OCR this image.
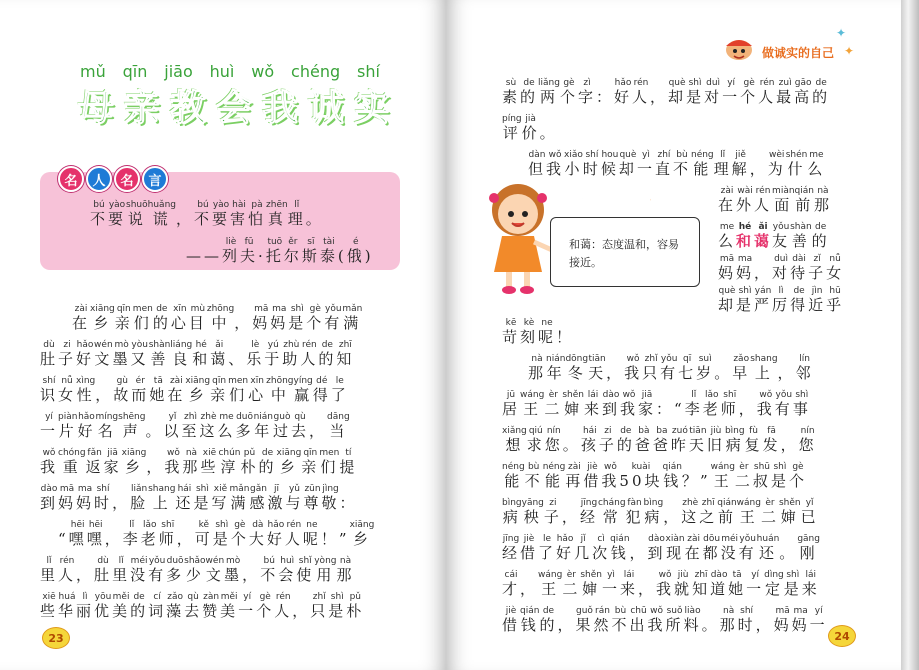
mǔ qīn jiāo huì wǒ chéng shí
母亲教会我诚实
名	人	名	言
不bú要yào说shuō谎huǎng，不bú要yào害hài怕pà真zhēn理lǐ。
——列liè夫fū·托tuō尔ěr斯sī泰tài(俄)é
在zài乡xiāng亲qīn们men的de心xīn目mù中zhōng，妈mā妈ma是shì个gè有yǒu满mǎn
肚dù子zi好hǎo文wén墨mò又yòu善shàn良liáng和hé蔼ǎi、乐lè于yú助zhù人rén的de知zhī
识shí女nǚ性xìng，故gù而ér她tā在zài乡xiāng亲qīn们men心xīn中zhōng赢yíng得dé了le
一yí片piàn好hǎo名míng声shēng。以yǐ至zhì这zhè么me多duō年nián过guò去qù，当dāng
我wǒ重chóng返fǎn家jiā乡xiāng，我wǒ那nà些xiē淳chún朴pǔ的de乡xiāng亲qīn们men提tí
到dào妈mā妈ma时shí，脸liǎn上shang还hái是shì写xiě满mǎn感gǎn激jī与yǔ尊zūn敬jìng：
“嘿hēi嘿hēi，李lǐ老lǎo师shī，可kě是shì个gè大dà好hǎo人rén呢ne！”乡xiāng
里lǐ人rén，肚dù里lǐ没méi有yǒu多duō少shǎo文wén墨mò，不bú会huì使shǐ用yòng那nà
些xiē华huá丽lì优yōu美měi的de词cí藻zǎo去qù赞zàn美měi一yí个gè人rén，只zhǐ是shì朴pǔ
23
做诚实的自己
✦
✦
素sù的de两liǎng个gè字zì：好hǎo人rén，却què是shì对duì一yí个gè人rén最zuì高gāo的de
评píng价jià。
但dàn我wǒ小xiǎo时shí候hou却què一yì直zhí不bù能néng理lǐ解jiě，为wèi什shén么me
在zài外wài人rén面miàn前qián那nà
么me和hé蔼ǎi友yǒu善shàn的de
妈mā妈ma，对duì待dài子zǐ女nǚ
却què是shì严yán厉lì得de近jìn乎hū
苛kē刻kè呢ne！
那nà年nián冬dōng天tiān，我wǒ只zhǐ有yǒu七qī岁suì。早zǎo上shang，邻lín
居jū王wáng二èr婶shěn来lái到dào我wǒ家jiā：“李lǐ老lǎo师shī，我wǒ有yǒu事shì
想xiǎng求qiú您nín。孩hái子zi的de爸bà爸ba昨zuó天tiān旧jiù病bìng复fù发fā，您nín
能néng不bù能néng再zài借jiè我wǒ50块kuài钱qián？”王wáng二èr叔shū是shì个gè
病bìng秧yāng子zi，经jīng常cháng犯fàn病bìng，这zhè之zhī前qián王wáng二èr婶shěn已yǐ
经jīng借jiè了le好hǎo几jǐ次cì钱qián，到dào现xiàn在zài都dōu没méi有yǒu还huán。刚gāng
才cái，王wáng二èr婶shěn一yì来lái，我wǒ就jiù知zhī道dào她tā一yí定dìng是shì来lái
借jiè钱qián的de，果guǒ然rán不bù出chū我wǒ所suǒ料liào。那nà时shí，妈mā妈ma一yí
词 语 解 释
和蔼：态度温和，容易接近。
24
